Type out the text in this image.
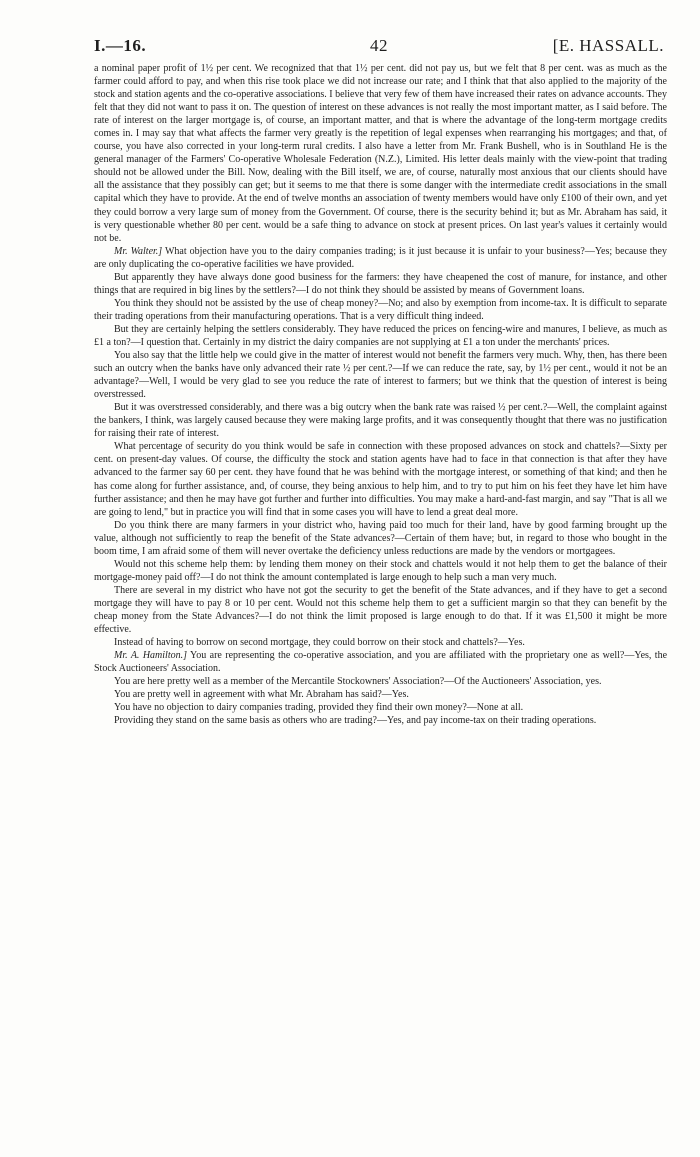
I.—16.	42	[E. HASSALL.

a nominal paper profit of 1½ per cent. We recognized that that 1½ per cent. did not pay us, but we felt that 8 per cent. was as much as the farmer could afford to pay, and when this rise took place we did not increase our rate; and I think that that also applied to the majority of the stock and station agents and the co-operative associations. I believe that very few of them have increased their rates on advance accounts. They felt that they did not want to pass it on. The question of interest on these advances is not really the most important matter, as I said before. The rate of interest on the larger mortgage is, of course, an important matter, and that is where the advantage of the long-term mortgage credits comes in. I may say that what affects the farmer very greatly is the repetition of legal expenses when rearranging his mortgages; and that, of course, you have also corrected in your long-term rural credits. I also have a letter from Mr. Frank Bushell, who is in Southland He is the general manager of the Farmers' Co-operative Wholesale Federation (N.Z.), Limited. His letter deals mainly with the view-point that trading should not be allowed under the Bill. Now, dealing with the Bill itself, we are, of course, naturally most anxious that our clients should have all the assistance that they possibly can get; but it seems to me that there is some danger with the intermediate credit associations in the small capital which they have to provide. At the end of twelve months an association of twenty members would have only £100 of their own, and yet they could borrow a very large sum of money from the Government. Of course, there is the security behind it; but as Mr. Abraham has said, it is very questionable whether 80 per cent. would be a safe thing to advance on stock at present prices. On last year's values it certainly would not be.

Mr. Walter.] What objection have you to the dairy companies trading; is it just because it is unfair to your business?—Yes; because they are only duplicating the co-operative facilities we have provided.

But apparently they have always done good business for the farmers: they have cheapened the cost of manure, for instance, and other things that are required in big lines by the settlers?—I do not think they should be assisted by means of Government loans.

You think they should not be assisted by the use of cheap money?—No; and also by exemption from income-tax. It is difficult to separate their trading operations from their manufacturing operations. That is a very difficult thing indeed.

But they are certainly helping the settlers considerably. They have reduced the prices on fencing-wire and manures, I believe, as much as £1 a ton?—I question that. Certainly in my district the dairy companies are not supplying at £1 a ton under the merchants' prices.

You also say that the little help we could give in the matter of interest would not benefit the farmers very much. Why, then, has there been such an outcry when the banks have only advanced their rate ½ per cent.?—If we can reduce the rate, say, by 1½ per cent., would it not be an advantage?—Well, I would be very glad to see you reduce the rate of interest to farmers; but we think that the question of interest is being overstressed.

But it was overstressed considerably, and there was a big outcry when the bank rate was raised ½ per cent.?—Well, the complaint against the bankers, I think, was largely caused because they were making large profits, and it was consequently thought that there was no justification for raising their rate of interest.

What percentage of security do you think would be safe in connection with these proposed advances on stock and chattels?—Sixty per cent. on present-day values. Of course, the difficulty the stock and station agents have had to face in that connection is that after they have advanced to the farmer say 60 per cent. they have found that he was behind with the mortgage interest, or something of that kind; and then he has come along for further assistance, and, of course, they being anxious to help him, and to try to put him on his feet they have let him have further assistance; and then he may have got further and further into difficulties. You may make a hard-and-fast margin, and say "That is all we are going to lend," but in practice you will find that in some cases you will have to lend a great deal more.

Do you think there are many farmers in your district who, having paid too much for their land, have by good farming brought up the value, although not sufficiently to reap the benefit of the State advances?—Certain of them have; but, in regard to those who bought in the boom time, I am afraid some of them will never overtake the deficiency unless reductions are made by the vendors or mortgagees.

Would not this scheme help them: by lending them money on their stock and chattels would it not help them to get the balance of their mortgage-money paid off?—I do not think the amount contemplated is large enough to help such a man very much.

There are several in my district who have not got the security to get the benefit of the State advances, and if they have to get a second mortgage they will have to pay 8 or 10 per cent. Would not this scheme help them to get a sufficient margin so that they can benefit by the cheap money from the State Advances?—I do not think the limit proposed is large enough to do that. If it was £1,500 it might be more effective.

Instead of having to borrow on second mortgage, they could borrow on their stock and chattels?—Yes.

Mr. A. Hamilton.] You are representing the co-operative association, and you are affiliated with the proprietary one as well?—Yes, the Stock Auctioneers' Association.

You are here pretty well as a member of the Mercantile Stockowners' Association?—Of the Auctioneers' Association, yes.

You are pretty well in agreement with what Mr. Abraham has said?—Yes.

You have no objection to dairy companies trading, provided they find their own money?—None at all.

Providing they stand on the same basis as others who are trading?—Yes, and pay income-tax on their trading operations.
